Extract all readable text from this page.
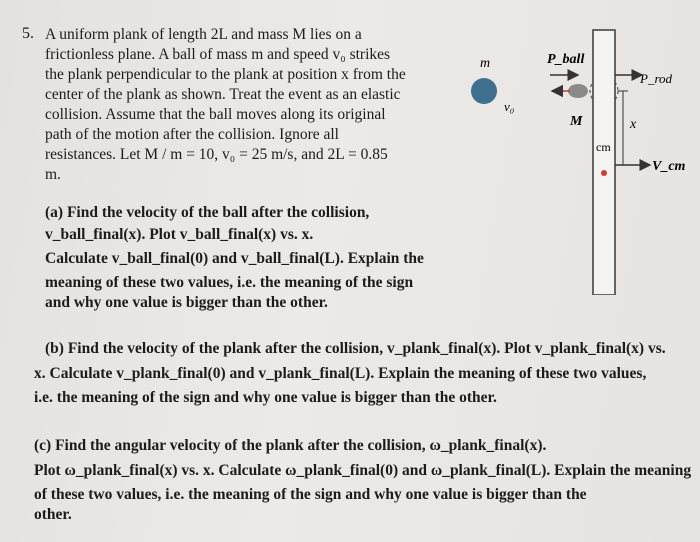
5. A uniform plank of length 2L and mass M lies on a
frictionless plane. A ball of mass m and speed v₀ strikes
the plank perpendicular to the plank at position x from the
center of the plank as shown. Treat the event as an elastic
collision. Assume that the ball moves along its original
path of the motion after the collision. Ignore all
resistances. Let M / m = 10, v₀ = 25 m/s, and 2L = 0.85
m.
(a) Find the velocity of the ball after the collision,
v_ball_final(x). Plot v_ball_final(x) vs. x.
Calculate v_ball_final(0) and v_ball_final(L). Explain the
meaning of these two values, i.e. the meaning of the sign
and why one value is bigger than the other.
(b) Find the velocity of the plank after the collision, v_plank_final(x). Plot v_plank_final(x) vs.
x. Calculate v_plank_final(0) and v_plank_final(L). Explain the meaning of these two values,
i.e. the meaning of the sign and why one value is bigger than the other.
(c) Find the angular velocity of the plank after the collision, ω_plank_final(x).
Plot ω_plank_final(x) vs. x. Calculate ω_plank_final(0) and ω_plank_final(L). Explain the meaning
of these two values, i.e. the meaning of the sign and why one value is bigger than the
other.
m
v₀
P_ball
M
P_rod
x
cm
V_cm
